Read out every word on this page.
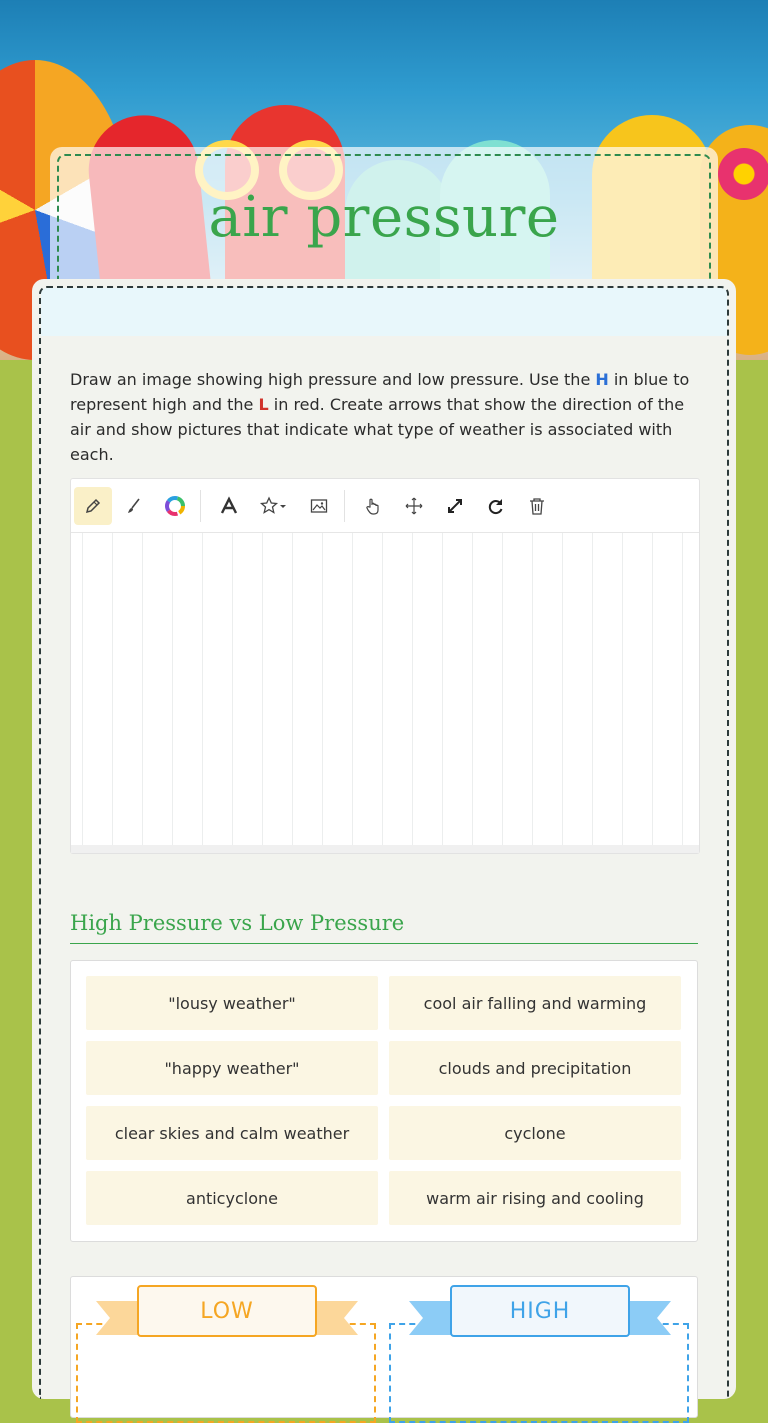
air pressure
Draw an image showing high pressure and low pressure. Use the H in blue to represent high and the L in red. Create arrows that show the direction of the air and show pictures that indicate what type of weather is associated with each.
High Pressure vs Low Pressure
"lousy weather"	cool air falling and warming
"happy weather"	clouds and precipitation
clear skies and calm weather	cyclone
anticyclone	warm air rising and cooling
LOW	HIGH
